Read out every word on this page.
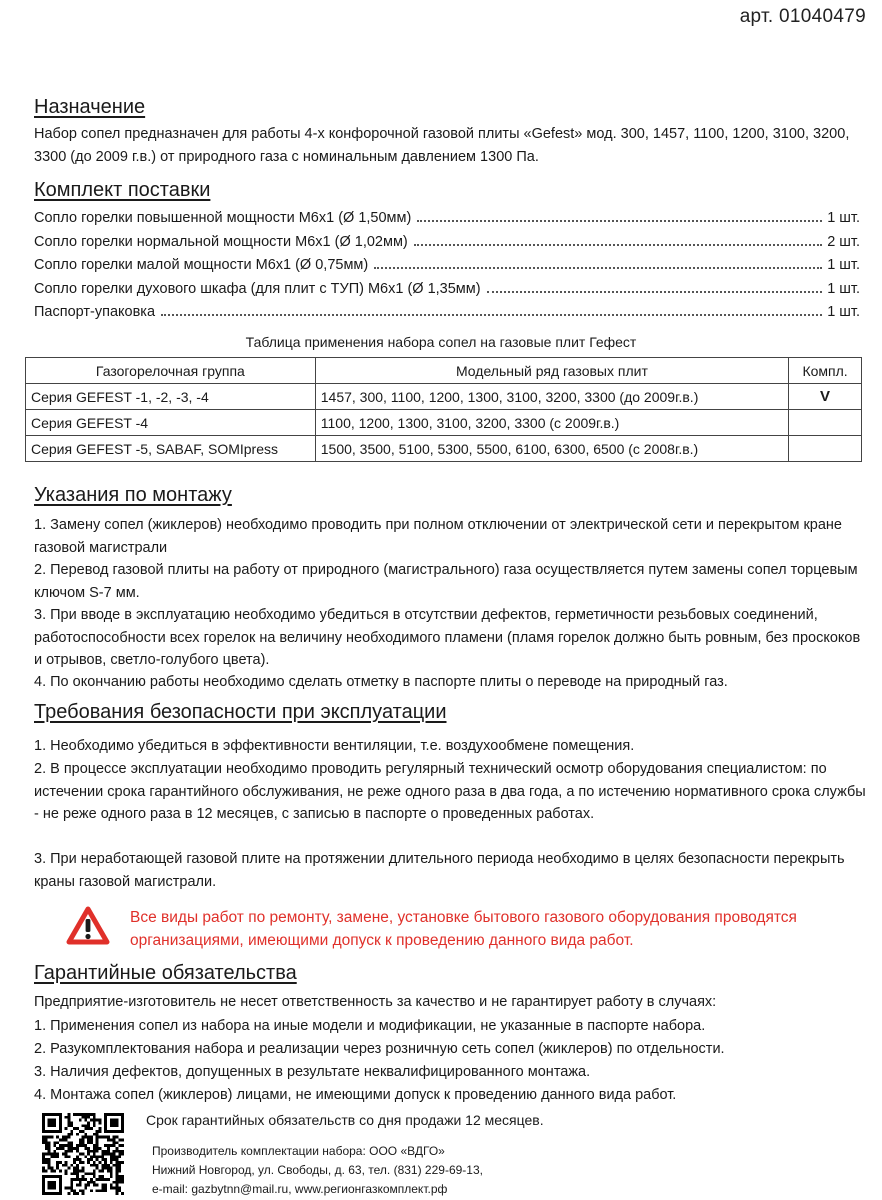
арт. 01040479
Назначение

Набор сопел предназначен для работы 4-х конфорочной газовой плиты «Gefest» мод. 300, 1457, 1100, 1200, 3100, 3200, 3300 (до 2009 г.в.) от природного газа с номинальным давлением 1300 Па.

Комплект поставки
Сопло горелки повышенной мощности М6х1 (Ø 1,50мм)	1 шт.
Сопло горелки нормальной мощности М6х1 (Ø 1,02мм)	2 шт.
Сопло горелки малой мощности М6х1 (Ø 0,75мм)	1 шт.
Сопло горелки духового шкафа (для плит с ТУП) М6х1 (Ø 1,35мм)	1 шт.
Паспорт-упаковка	1 шт.
Таблица применения набора сопел на газовые плит Гефест
Газогорелочная группа	Модельный ряд газовых плит	Компл.
Серия GEFEST -1, -2, -3, -4	1457, 300, 1100, 1200, 1300, 3100, 3200, 3300 (до 2009г.в.)	V
Серия GEFEST -4	1100, 1200, 1300, 3100, 3200, 3300 (с 2009г.в.)	
Серия GEFEST -5, SABAF, SOMIpress	1500, 3500, 5100, 5300, 5500, 6100, 6300, 6500 (с 2008г.в.)	
Указания по монтажу

1. Замену сопел (жиклеров) необходимо проводить при полном отключении от электрической сети и перекрытом кране газовой магистрали

2. Перевод газовой плиты на работу от природного (магистрального) газа осуществляется путем замены сопел торцевым ключом S-7 мм.

3. При вводе в эксплуатацию необходимо убедиться в отсутствии дефектов, герметичности резьбовых соединений, работоспособности всех горелок на величину необходимого пламени (пламя горелок должно быть ровным, без проскоков и отрывов, светло-голубого цвета).

4. По окончанию работы необходимо сделать отметку в паспорте плиты о переводе на природный газ.

Требования безопасности при эксплуатации

1. Необходимо убедиться в эффективности вентиляции, т.е. воздухообмене помещения.

2. В процессе эксплуатации необходимо проводить регулярный технический осмотр оборудования специалистом: по истечении срока гарантийного обслуживания, не реже одного раза в два года, а по истечению нормативного срока службы - не реже одного раза в 12 месяцев, с записью в паспорте о проведенных работах.

3. При неработающей газовой плите на протяжении длительного периода необходимо в целях безопасности перекрыть краны газовой магистрали.

Все виды работ по ремонту, замене, установке бытового газового оборудования проводятся организациями, имеющими допуск к проведению данного вида работ.

Гарантийные обязательства

Предприятие-изготовитель не несет ответственность за качество и не гарантирует работу в случаях:

1. Применения сопел из набора на иные модели и модификации, не указанные в паспорте набора.

2. Разукомплектования набора и реализации через розничную сеть сопел (жиклеров) по отдельности.

3. Наличия дефектов, допущенных в результате неквалифицированного монтажа.

4. Монтажа сопел (жиклеров) лицами, не имеющими допуск к проведению данного вида работ.

Срок гарантийных обязательств со дня продажи 12 месяцев.

Производитель комплектации набора: ООО «ВДГО»
Нижний Новгород, ул. Свободы, д. 63, тел. (831) 229-69-13,
e-mail: gazbytnn@mail.ru, www.регионгазкомплект.рф
